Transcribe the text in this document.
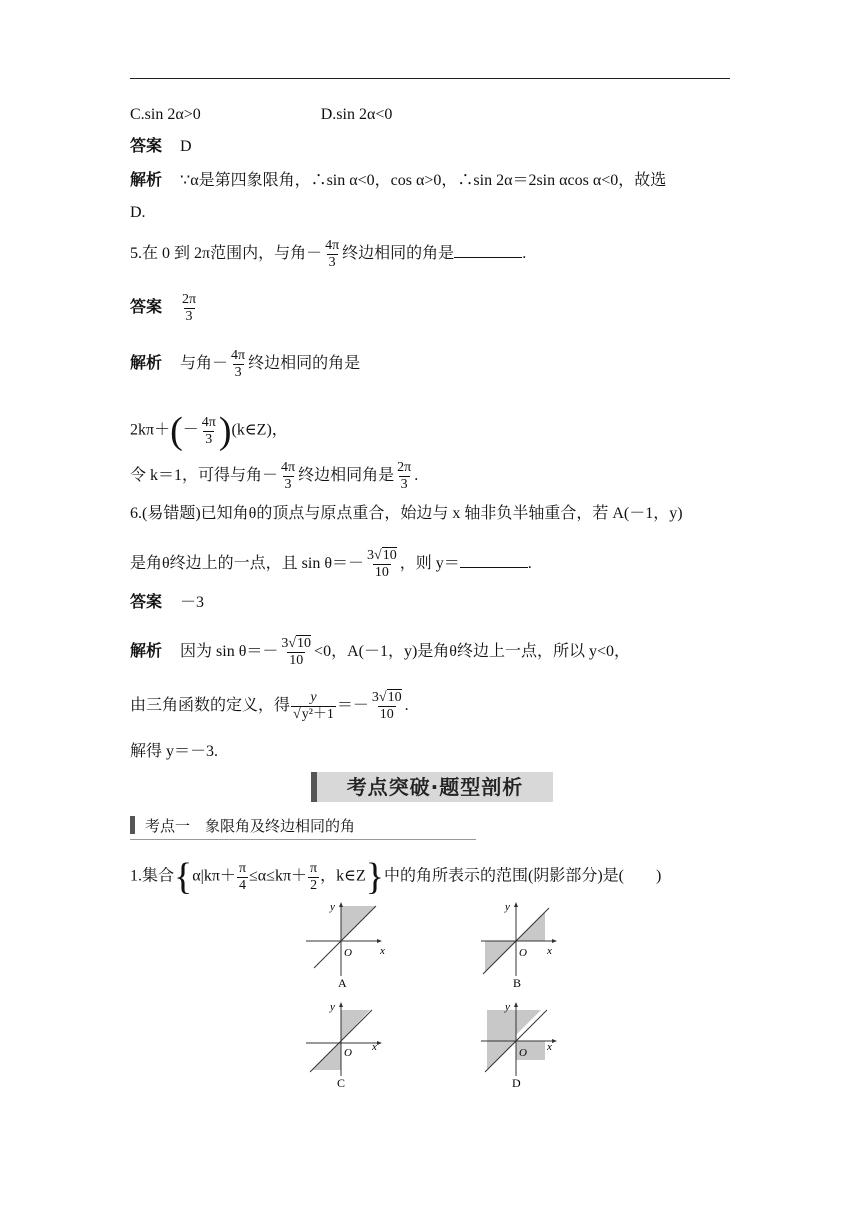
C.sin 2α>0	D.sin 2α<0
答案 D
解析 ∵α是第四象限角，∴sin α<0，cos α>0，∴sin 2α＝2sin αcos α<0，故选
D.
5.在 0 到 2π范围内，与角－ $\frac{4\pi}{3}$ 终边相同的角是	.
答案 $\frac{2\pi}{3}$
解析 与角－ $\frac{4\pi}{3}$ 终边相同的角是
$2k\pi+(- \frac{4\pi}{3}$ )(k∈Z)，
令 k＝1，可得与角－ $\frac{4\pi}{3}$ 终边相同角是 $\frac{2\pi}{3}$ .
6.(易错题)已知角θ的顶点与原点重合，始边与 x 轴非负半轴重合，若 A(－1，y)
是角θ终边上的一点，且 $\sin \theta=- \frac{3√10}{10}$ ，则 y＝	.
答案 －3
解析 因为 $\sin \theta=- \frac{3√10}{10} <0$，A(－1，y)是角θ终边上一点，所以 y<0，
由三角函数的定义，得 $\frac{y}{\text{√y²＋1}} =- \frac{3√10}{10}$ .
解得 y＝－3.
考点突破·题型剖析
考点一　象限角及终边相同的角
1.集合{$\alpha|k\pi+ \frac{\pi}{4} \le\alpha\le k\pi+ \frac{\pi}{2}$ ，k∈Z}中的角所表示的范围(阴影部分)是(　　)
x
y
O
A
x
y
O
B
x
y
O
C
x
y
O
D
